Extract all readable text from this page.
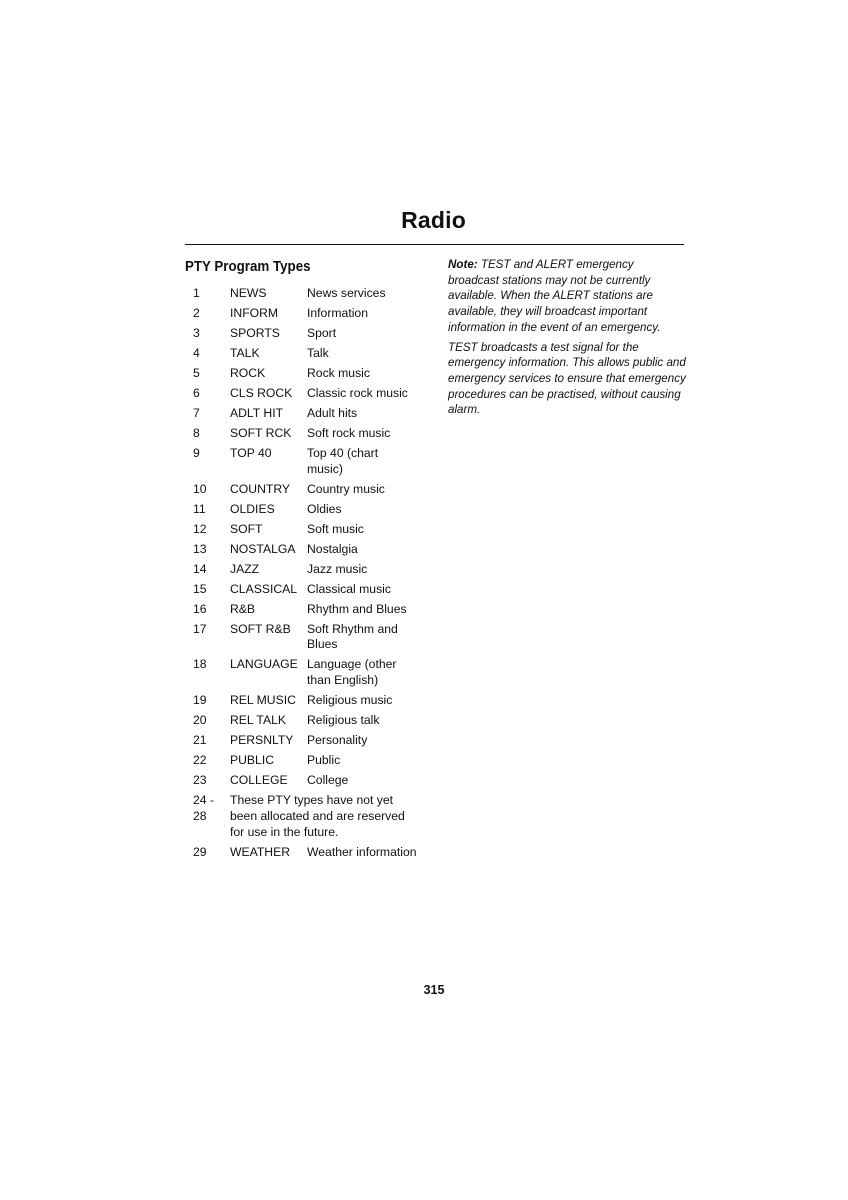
Radio
PTY Program Types
1	NEWS	News services
2	INFORM	Information
3	SPORTS	Sport
4	TALK	Talk
5	ROCK	Rock music
6	CLS ROCK	Classic rock music
7	ADLT HIT	Adult hits
8	SOFT RCK	Soft rock music
9	TOP 40	Top 40 (chart music)
10	COUNTRY	Country music
11	OLDIES	Oldies
12	SOFT	Soft music
13	NOSTALGA	Nostalgia
14	JAZZ	Jazz music
15	CLASSICAL	Classical music
16	R&B	Rhythm and Blues
17	SOFT R&B	Soft Rhythm and Blues
18	LANGUAGE	Language (other than English)
19	REL MUSIC	Religious music
20	REL TALK	Religious talk
21	PERSNLTY	Personality
22	PUBLIC	Public
23	COLLEGE	College
24 - 28	These PTY types have not yet been allocated and are reserved for use in the future.	
29	WEATHER	Weather information

Note: TEST and ALERT emergency broadcast stations may not be currently available. When the ALERT stations are available, they will broadcast important information in the event of an emergency.

TEST broadcasts a test signal for the emergency information. This allows public and emergency services to ensure that emergency procedures can be practised, without causing alarm.

315
